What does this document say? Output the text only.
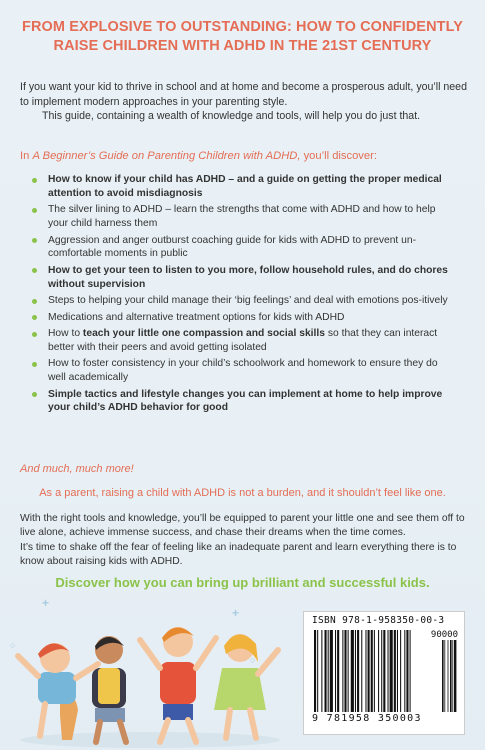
FROM EXPLOSIVE TO OUTSTANDING: HOW TO CONFIDENTLY
RAISE CHILDREN WITH ADHD IN THE 21ST CENTURY

If you want your kid to thrive in school and at home and become a prosperous adult, you’ll need to implement modern approaches in your parenting style.

This guide, containing a wealth of knowledge and tools, will help you do just that.

In A Beginner’s Guide on Parenting Children with ADHD, you’ll discover:
How to know if your child has ADHD – and a guide on getting the proper medical attention to avoid misdiagnosis
The silver lining to ADHD – learn the strengths that come with ADHD and how to help your child harness them
Aggression and anger outburst coaching guide for kids with ADHD to prevent un-comfortable moments in public
How to get your teen to listen to you more, follow household rules, and do chores without supervision
Steps to helping your child manage their ‘big feelings’ and deal with emotions pos-itively
Medications and alternative treatment options for kids with ADHD
How to teach your little one compassion and social skills so that they can interact better with their peers and avoid getting isolated
How to foster consistency in your child’s schoolwork and homework to ensure they do well academically
Simple tactics and lifestyle changes you can implement at home to help improve your child’s ADHD behavior for good
And much, much more!
As a parent, raising a child with ADHD is not a burden, and it shouldn’t feel like one.

With the right tools and knowledge, you’ll be equipped to parent your little one and see them off to live alone, achieve immense success, and chase their dreams when the time comes.

It’s time to shake off the fear of feeling like an inadequate parent and learn everything there is to know about raising kids with ADHD.

Discover how you can bring up brilliant and successful kids.
+
+
○
○
ISBN 978-1-958350-00-3
90000
9 781958 350003
